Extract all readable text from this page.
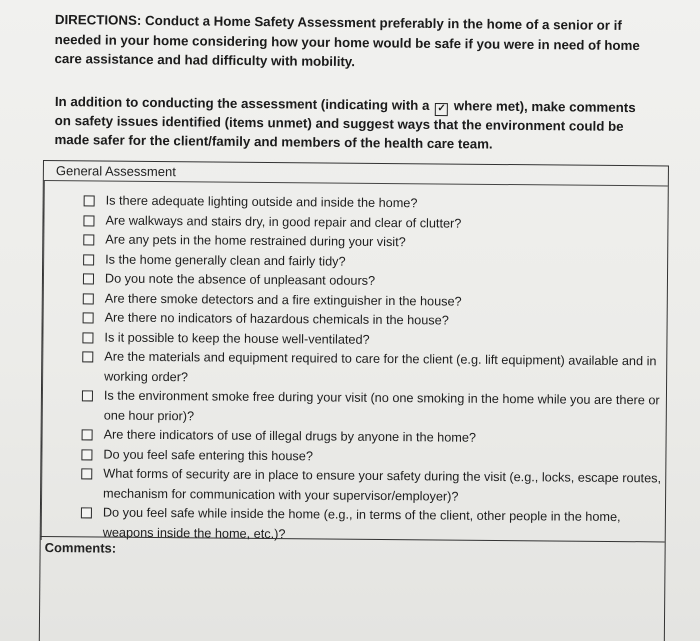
DIRECTIONS: Conduct a Home Safety Assessment preferably in the home of a senior or if needed in your home considering how your home would be safe if you were in need of home care assistance and had difficulty with mobility.
In addition to conducting the assessment (indicating with a ✓ where met), make comments on safety issues identified (items unmet) and suggest ways that the environment could be made safer for the client/family and members of the health care team.
General Assessment
Is there adequate lighting outside and inside the home?
Are walkways and stairs dry, in good repair and clear of clutter?
Are any pets in the home restrained during your visit?
Is the home generally clean and fairly tidy?
Do you note the absence of unpleasant odours?
Are there smoke detectors and a fire extinguisher in the house?
Are there no indicators of hazardous chemicals in the house?
Is it possible to keep the house well-ventilated?
Are the materials and equipment required to care for the client (e.g. lift equipment) available and in working order?
Is the environment smoke free during your visit (no one smoking in the home while you are there or one hour prior)?
Are there indicators of use of illegal drugs by anyone in the home?
Do you feel safe entering this house?
What forms of security are in place to ensure your safety during the visit (e.g., locks, escape routes, mechanism for communication with your supervisor/employer)?
Do you feel safe while inside the home (e.g., in terms of the client, other people in the home, weapons inside the home, etc.)?
Comments:
